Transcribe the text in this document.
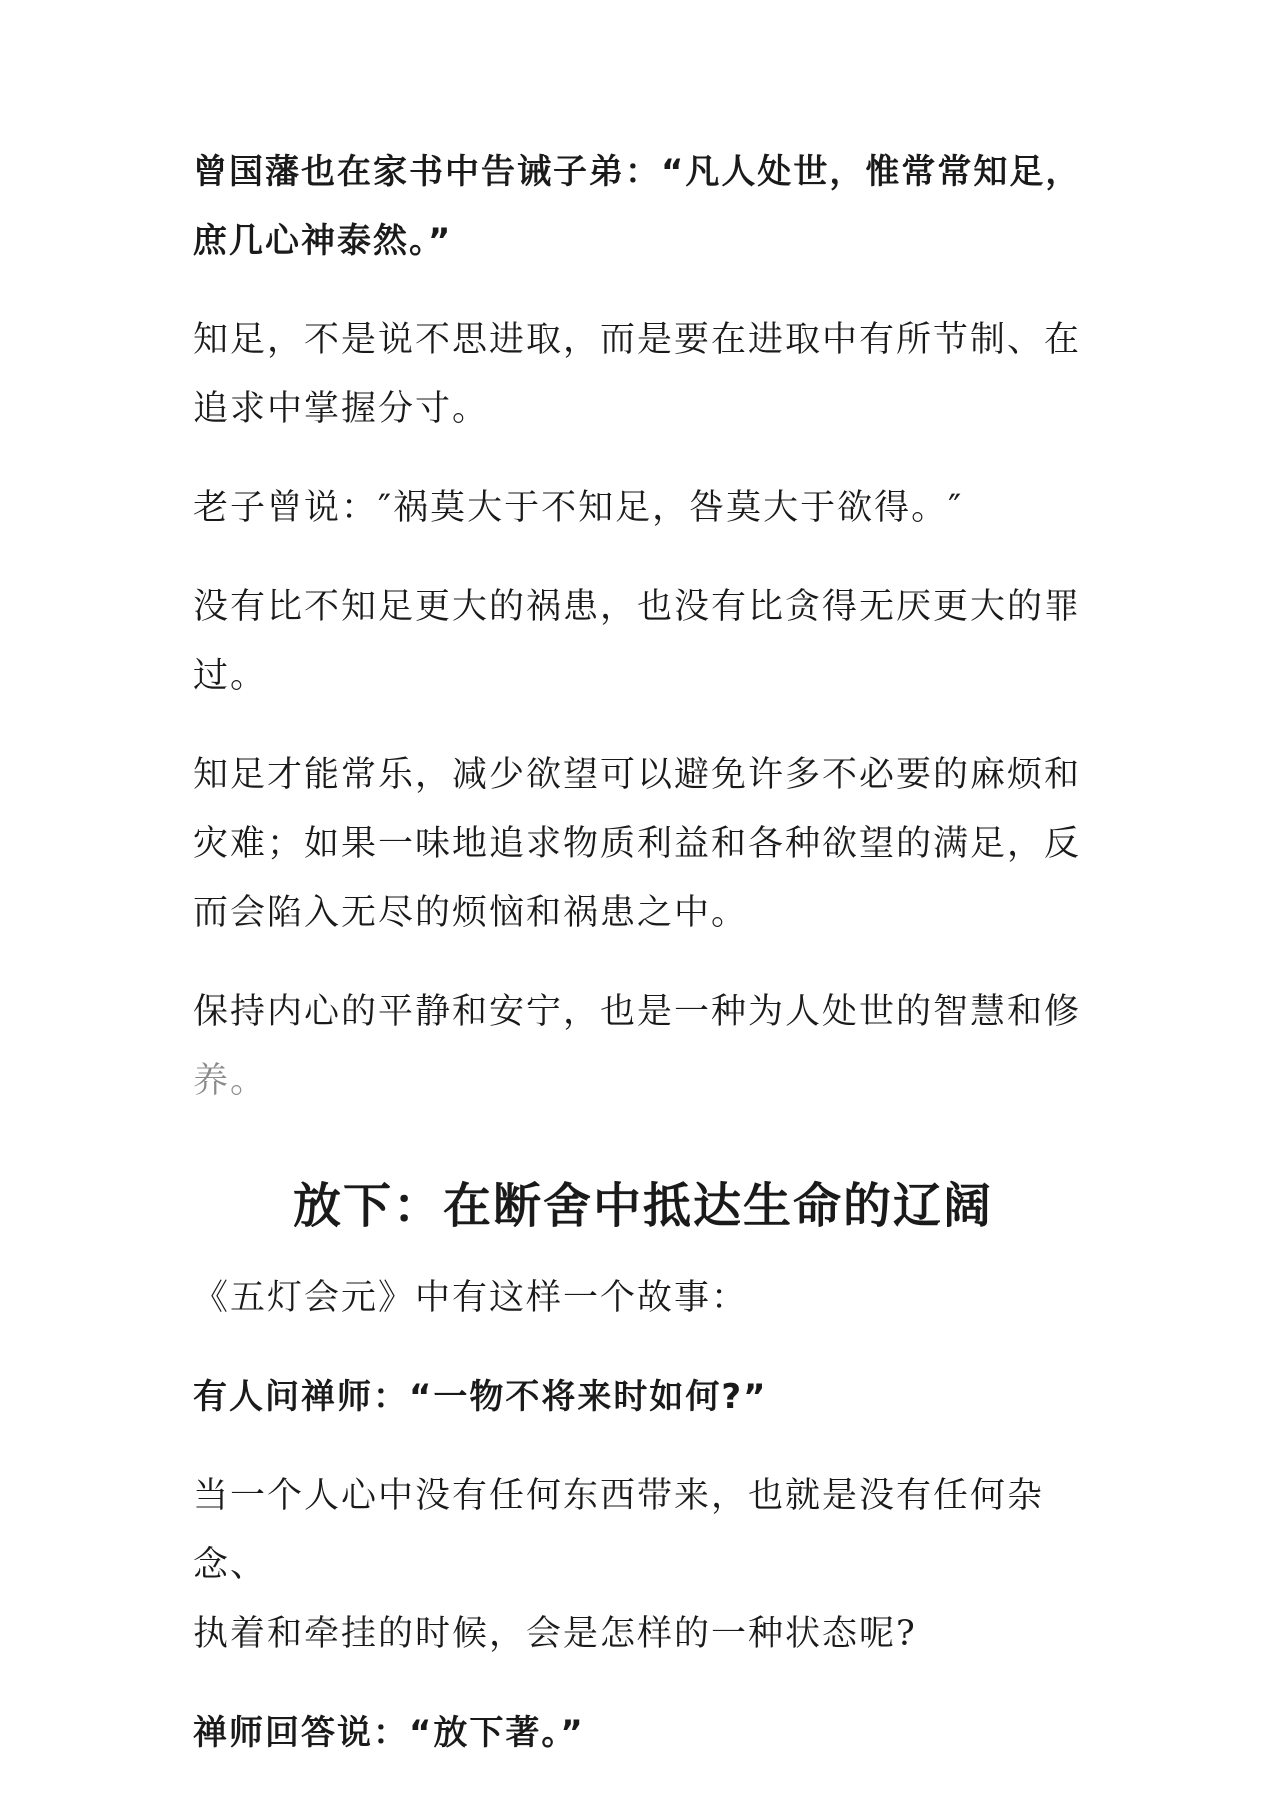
曾国藩也在家书中告诫子弟：“凡人处世，惟常常知足，

庶几心神泰然。”

知足，不是说不思进取，而是要在进取中有所节制、在

追求中掌握分寸。

老子曾说：″祸莫大于不知足，咎莫大于欲得。″

没有比不知足更大的祸患，也没有比贪得无厌更大的罪

过。

知足才能常乐，减少欲望可以避免许多不必要的麻烦和

灾难；如果一味地追求物质利益和各种欲望的满足，反

而会陷入无尽的烦恼和祸患之中。

保持内心的平静和安宁，也是一种为人处世的智慧和修

养。

放下：在断舍中抵达生命的辽阔

《五灯会元》中有这样一个故事：

有人问禅师：“一物不将来时如何?”

当一个人心中没有任何东西带来，也就是没有任何杂念、

执着和牵挂的时候，会是怎样的一种状态呢?

禅师回答说：“放下著。”
